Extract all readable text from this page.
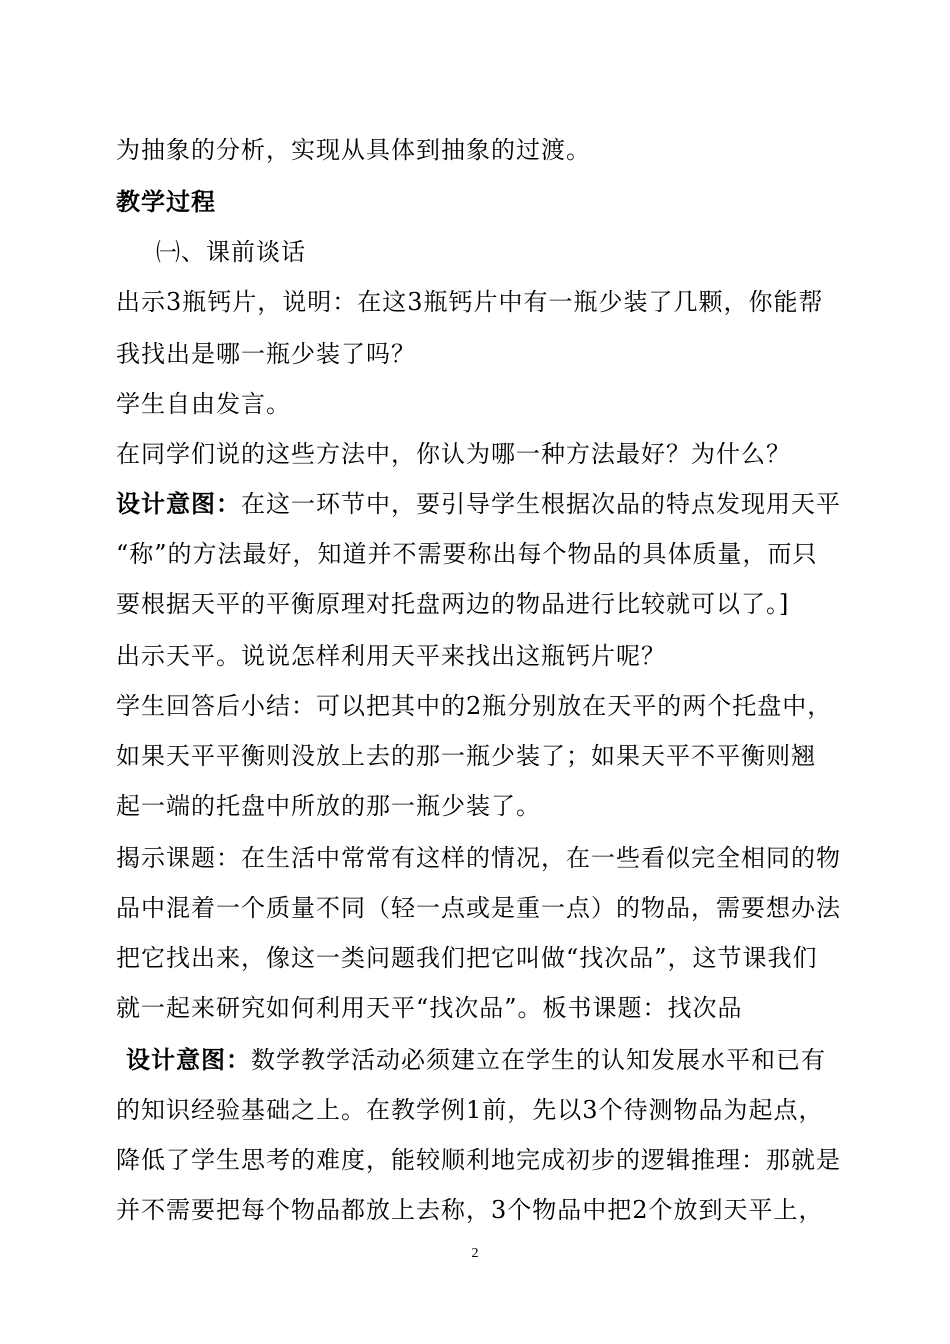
为抽象的分析，实现从具体到抽象的过渡。
教学过程
㈠、课前谈话
出示3瓶钙片，说明：在这3瓶钙片中有一瓶少装了几颗，你能帮
我找出是哪一瓶少装了吗？
学生自由发言。
在同学们说的这些方法中，你认为哪一种方法最好？为什么？
设计意图：在这一环节中，要引导学生根据次品的特点发现用天平
“称”的方法最好，知道并不需要称出每个物品的具体质量，而只
要根据天平的平衡原理对托盘两边的物品进行比较就可以了。]
出示天平。说说怎样利用天平来找出这瓶钙片呢？
学生回答后小结：可以把其中的2瓶分别放在天平的两个托盘中，
如果天平平衡则没放上去的那一瓶少装了；如果天平不平衡则翘
起一端的托盘中所放的那一瓶少装了。
揭示课题：在生活中常常有这样的情况，在一些看似完全相同的物
品中混着一个质量不同（轻一点或是重一点）的物品，需要想办法
把它找出来，像这一类问题我们把它叫做“找次品”，这节课我们
就一起来研究如何利用天平“找次品”。板书课题：找次品
设计意图：数学教学活动必须建立在学生的认知发展水平和已有
的知识经验基础之上。在教学例1前，先以3个待测物品为起点，
降低了学生思考的难度，能较顺利地完成初步的逻辑推理：那就是
并不需要把每个物品都放上去称，3个物品中把2个放到天平上，
2
